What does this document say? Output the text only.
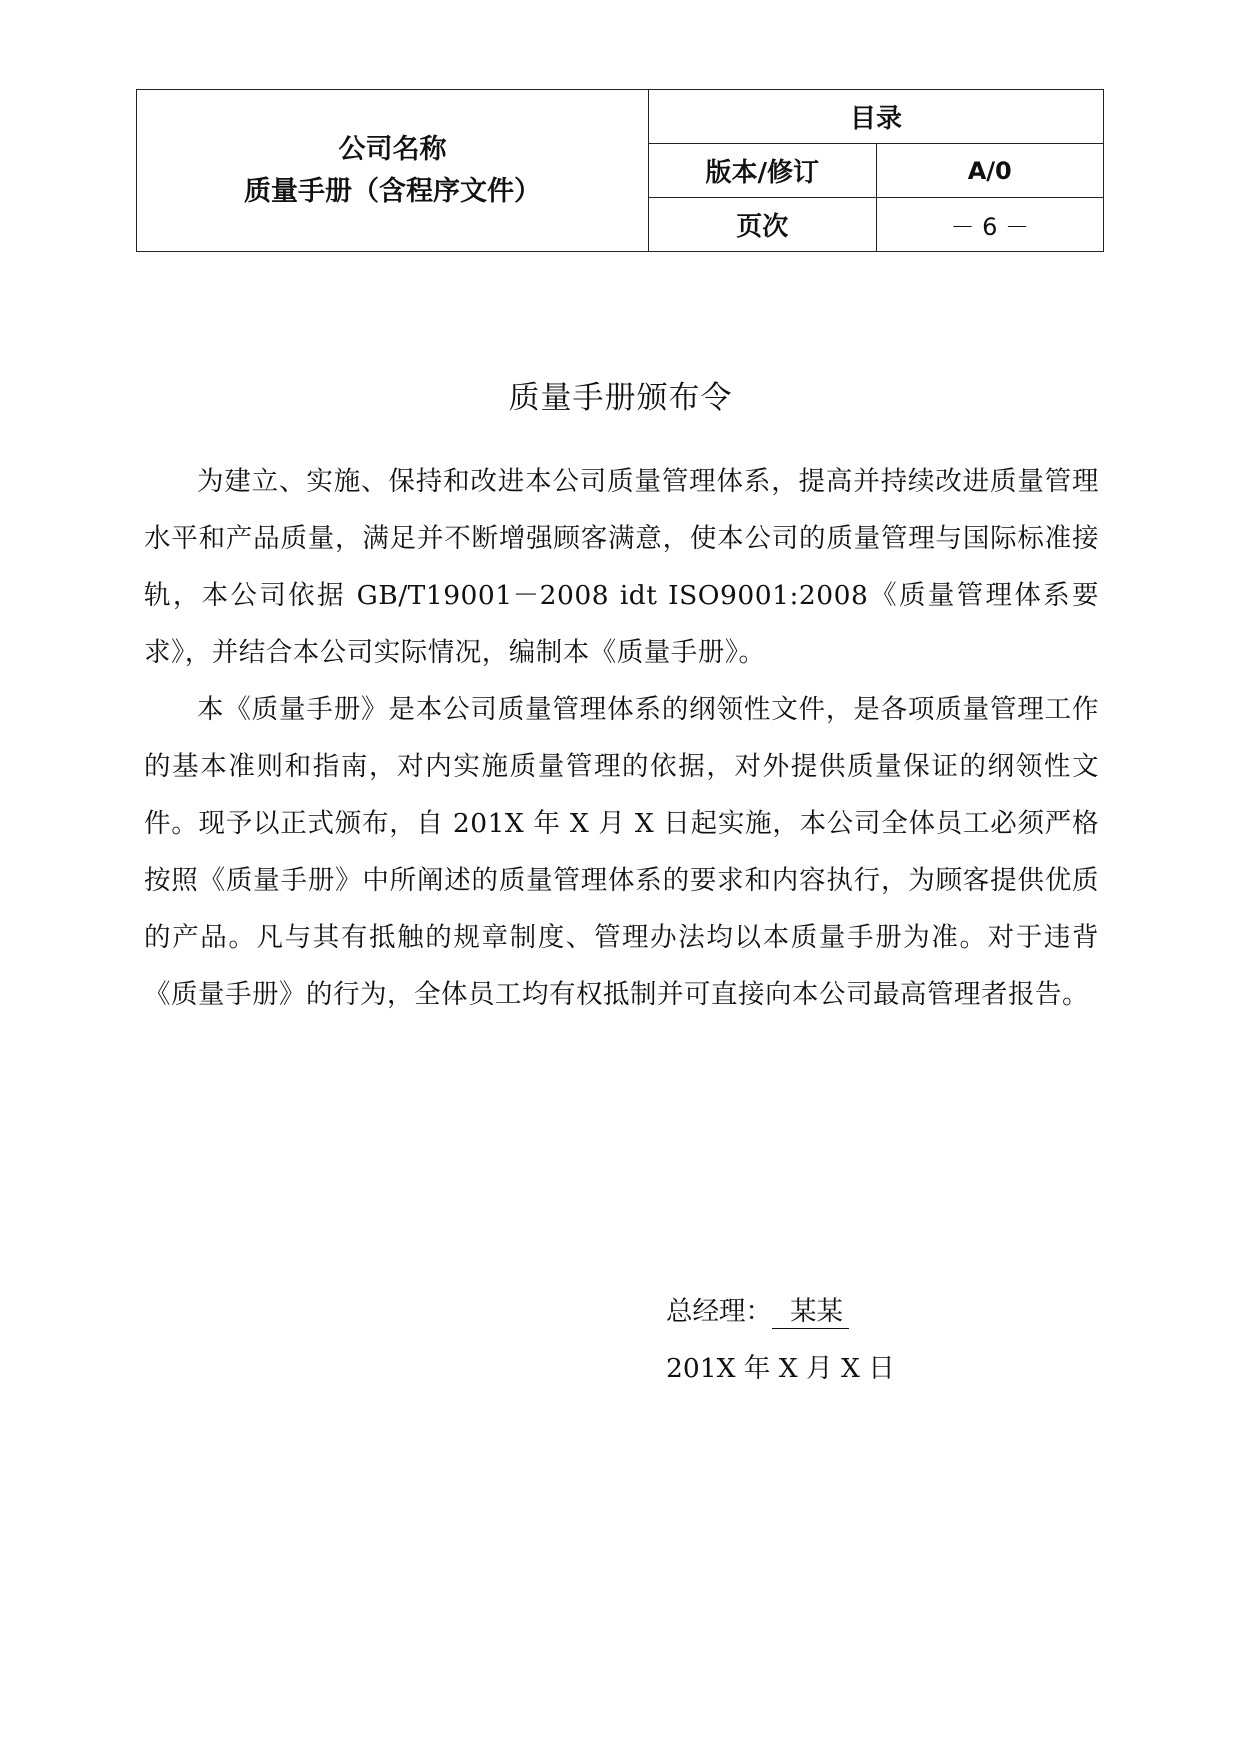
公司名称
质量手册（含程序文件）	目录	
	版本/修订	A/0
	页次	－ 6 －
质量手册颁布令

为建立、实施、保持和改进本公司质量管理体系，提高并持续改进质量管理水平和产品质量，满足并不断增强顾客满意，使本公司的质量管理与国际标准接轨，本公司依据 GB/T19001－2008 idt ISO9001:2008《质量管理体系要求》，并结合本公司实际情况，编制本《质量手册》。

本《质量手册》是本公司质量管理体系的纲领性文件，是各项质量管理工作的基本准则和指南，对内实施质量管理的依据，对外提供质量保证的纲领性文件。现予以正式颁布，自 201X 年 X 月 X 日起实施，本公司全体员工必须严格按照《质量手册》中所阐述的质量管理体系的要求和内容执行，为顾客提供优质的产品。凡与其有抵触的规章制度、管理办法均以本质量手册为准。对于违背《质量手册》的行为，全体员工均有权抵制并可直接向本公司最高管理者报告。

总经理： 某某
201X 年 X 月 X 日
